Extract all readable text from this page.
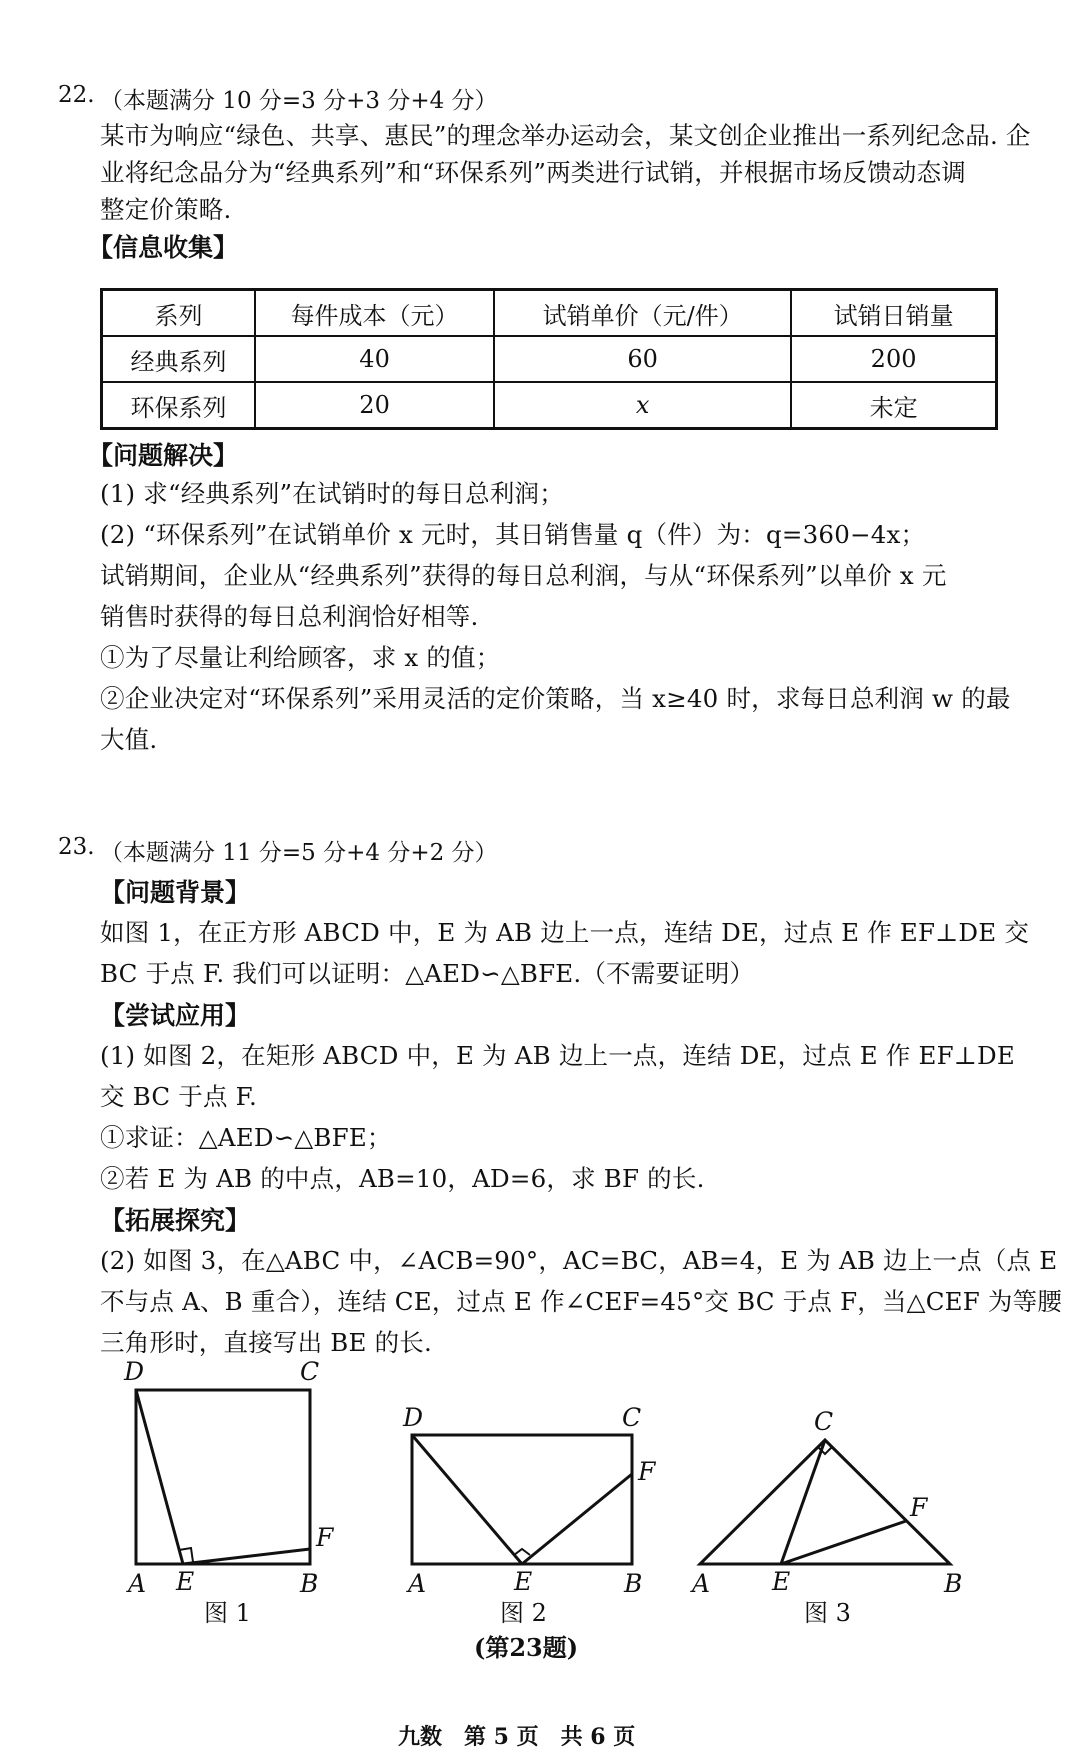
22. （本题满分 10 分=3 分+3 分+4 分）
某市为响应“绿色、共享、惠民”的理念举办运动会，某文创企业推出一系列纪念品. 企
业将纪念品分为“经典系列”和“环保系列”两类进行试销，并根据市场反馈动态调
整定价策略.
【信息收集】
系列	每件成本（元）	试销单价（元/件）	试销日销量
经典系列	40	60	200
环保系列	20	x	未定
【问题解决】
(1) 求“经典系列”在试销时的每日总利润；
(2) “环保系列”在试销单价 x 元时，其日销售量 q（件）为：q=360−4x；
试销期间，企业从“经典系列”获得的每日总利润，与从“环保系列”以单价 x 元
销售时获得的每日总利润恰好相等.
①为了尽量让利给顾客，求 x 的值；
②企业决定对“环保系列”采用灵活的定价策略，当 x≥40 时，求每日总利润 w 的最
大值.
23. （本题满分 11 分=5 分+4 分+2 分）
【问题背景】
如图 1，在正方形 ABCD 中，E 为 AB 边上一点，连结 DE，过点 E 作 EF⊥DE 交
BC 于点 F. 我们可以证明：△AED∽△BFE.（不需要证明）
【尝试应用】
(1) 如图 2，在矩形 ABCD 中，E 为 AB 边上一点，连结 DE，过点 E 作 EF⊥DE
交 BC 于点 F.
①求证：△AED∽△BFE；
②若 E 为 AB 的中点，AB=10，AD=6，求 BF 的长.
【拓展探究】
(2) 如图 3，在△ABC 中，∠ACB=90°，AC=BC，AB=4，E 为 AB 边上一点（点 E
不与点 A、B 重合），连结 CE，过点 E 作∠CEF=45°交 BC 于点 F，当△CEF 为等腰
三角形时，直接写出 BE 的长.
D	C
A E	B
F
D	C
A	E	B
F
C
A E	B
F
图 1	图 2	图 3
(第23题)
九数　第 5 页　共 6 页
